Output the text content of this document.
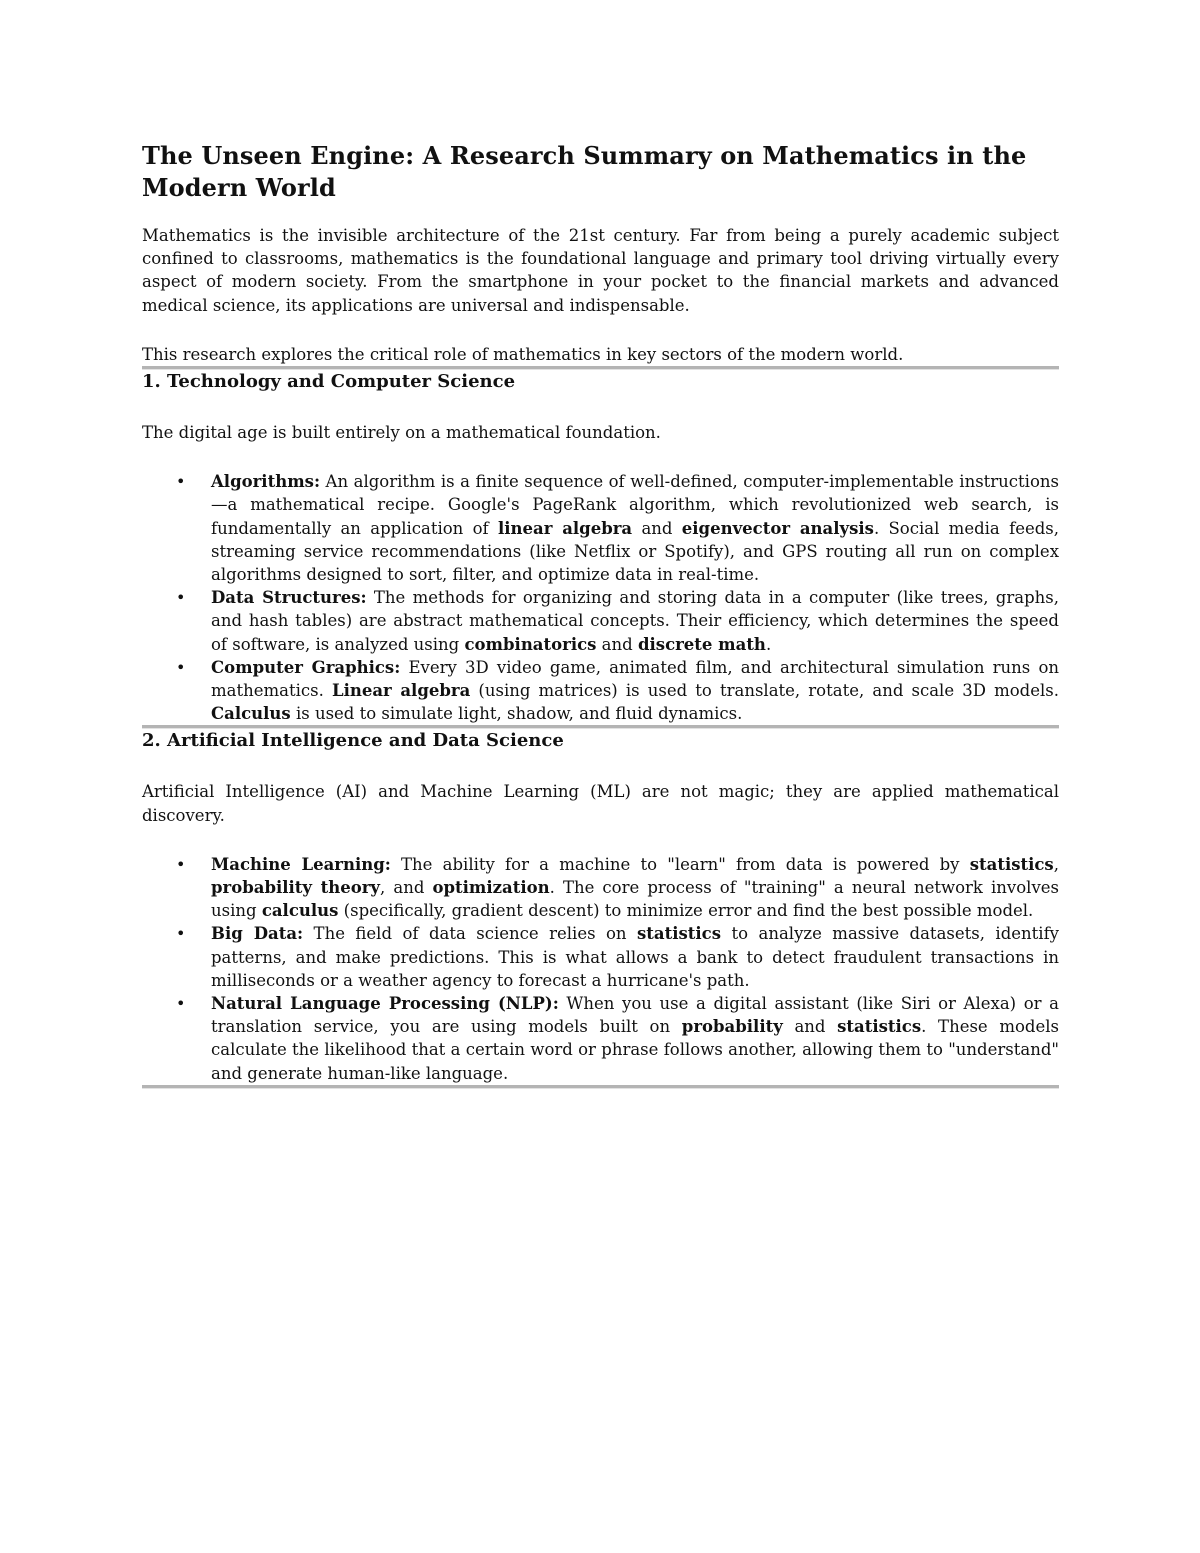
The Unseen Engine: A Research Summary on Mathematics in the Modern World

Mathematics is the invisible architecture of the 21st century. Far from being a purely academic subject confined to classrooms, mathematics is the foundational language and primary tool driving virtually every aspect of modern society. From the smartphone in your pocket to the financial markets and advanced medical science, its applications are universal and indispensable.

This research explores the critical role of mathematics in key sectors of the modern world.

1. Technology and Computer Science

The digital age is built entirely on a mathematical foundation.

• Algorithms: An algorithm is a finite sequence of well-defined, computer-implementable instructions—a mathematical recipe. Google's PageRank algorithm, which revolutionized web search, is fundamentally an application of linear algebra and eigenvector analysis. Social media feeds, streaming service recommendations (like Netflix or Spotify), and GPS routing all run on complex algorithms designed to sort, filter, and optimize data in real-time.
• Data Structures: The methods for organizing and storing data in a computer (like trees, graphs, and hash tables) are abstract mathematical concepts. Their efficiency, which determines the speed of software, is analyzed using combinatorics and discrete math.
• Computer Graphics: Every 3D video game, animated film, and architectural simulation runs on mathematics. Linear algebra (using matrices) is used to translate, rotate, and scale 3D models. Calculus is used to simulate light, shadow, and fluid dynamics.
2. Artificial Intelligence and Data Science

Artificial Intelligence (AI) and Machine Learning (ML) are not magic; they are applied mathematical discovery.

• Machine Learning: The ability for a machine to "learn" from data is powered by statistics, probability theory, and optimization. The core process of "training" a neural network involves using calculus (specifically, gradient descent) to minimize error and find the best possible model.
• Big Data: The field of data science relies on statistics to analyze massive datasets, identify patterns, and make predictions. This is what allows a bank to detect fraudulent transactions in milliseconds or a weather agency to forecast a hurricane's path.
• Natural Language Processing (NLP): When you use a digital assistant (like Siri or Alexa) or a translation service, you are using models built on probability and statistics. These models calculate the likelihood that a certain word or phrase follows another, allowing them to "understand" and generate human-like language.
